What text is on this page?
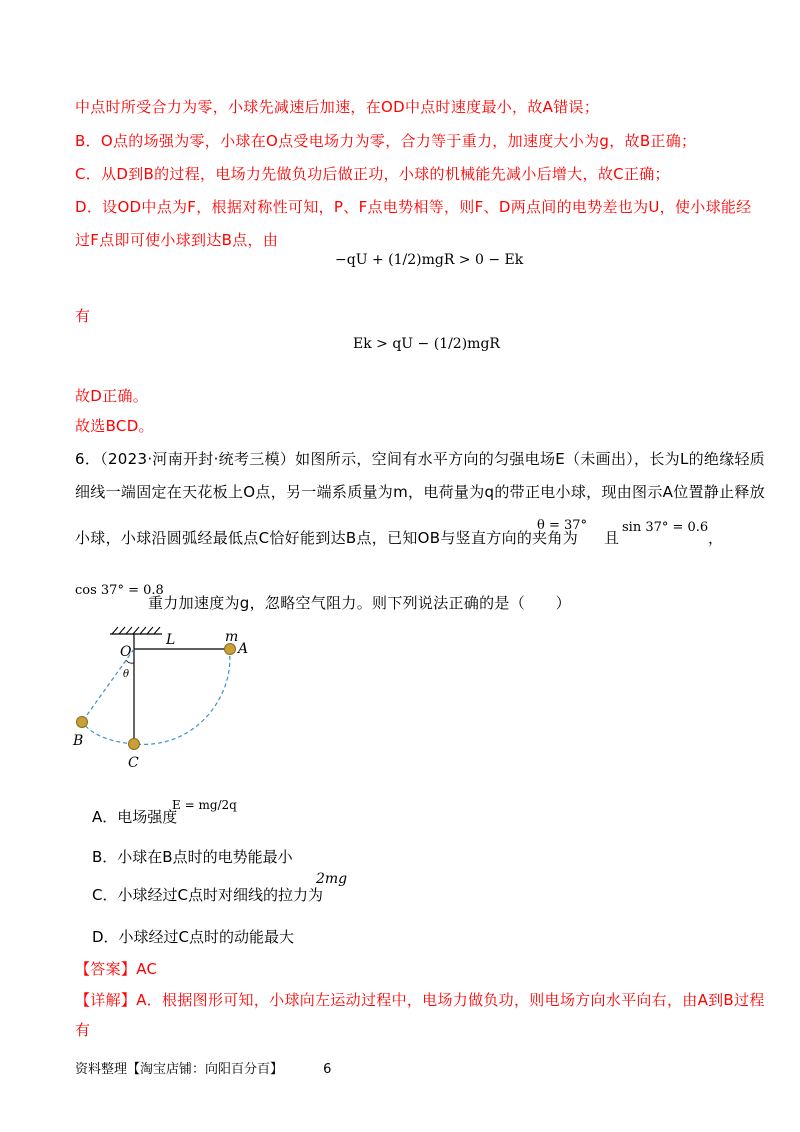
中点时所受合力为零，小球先减速后加速，在OD中点时速度最小，故A错误；
B．O点的场强为零，小球在O点受电场力为零，合力等于重力，加速度大小为g，故B正确；
C．从D到B的过程，电场力先做负功后做正功，小球的机械能先减小后增大，故C正确；
D．设OD中点为F，根据对称性可知，P、F点电势相等，则F、D两点间的电势差也为U，使小球能经
过F点即可使小球到达B点，由
−qU + (1/2)mgR > 0 − Ek
有
Ek > qU − (1/2)mgR
故D正确。
故选BCD。
6．（2023·河南开封·统考三模）如图所示，空间有水平方向的匀强电场E（未画出），长为L的绝缘轻质
细线一端固定在天花板上O点，另一端系质量为m，电荷量为q的带正电小球，现由图示A位置静止释放
小球，小球沿圆弧经最低点C恰好能到达B点，已知OB与竖直方向的夹角为
θ = 37°
且
sin 37° = 0.6
，
cos 37° = 0.8
重力加速度为g，忽略空气阻力。则下列说法正确的是（　　）
O
L	m
A
θ
B
C
A．电场强度
E = mg/2q
B．小球在B点时的电势能最小
C．小球经过C点时对细线的拉力为
2mg
D．小球经过C点时的动能最大
【答案】AC
【详解】A．根据图形可知，小球向左运动过程中，电场力做负功，则电场方向水平向右，由A到B过程
有
资料整理【淘宝店铺：向阳百分百】	6
